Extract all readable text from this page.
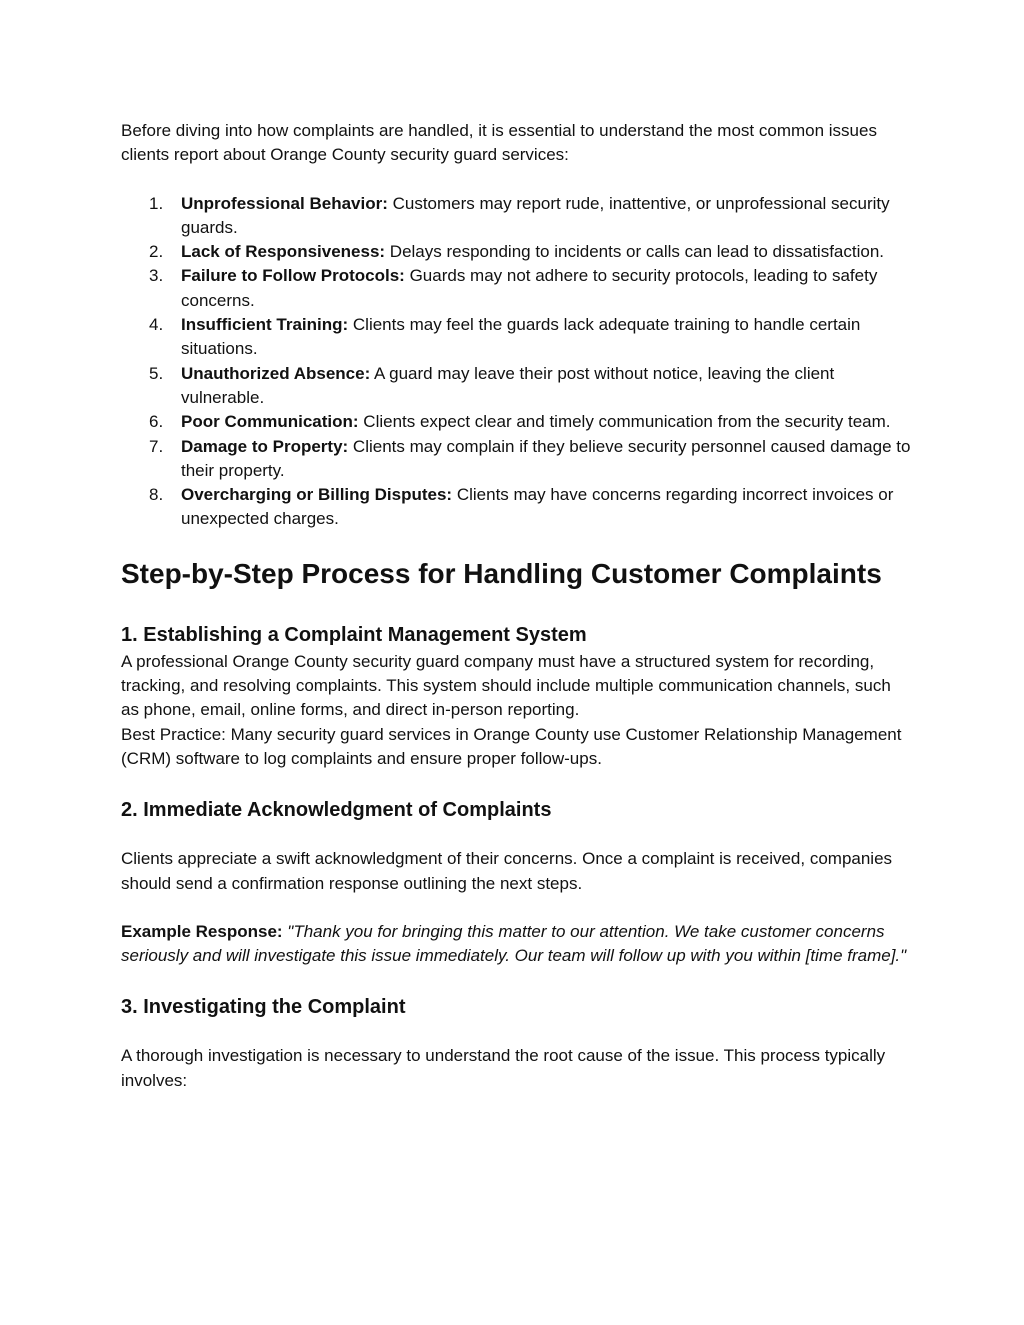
Before diving into how complaints are handled, it is essential to understand the most common issues clients report about Orange County security guard services:

1. Unprofessional Behavior: Customers may report rude, inattentive, or unprofessional security guards.
2. Lack of Responsiveness: Delays responding to incidents or calls can lead to dissatisfaction.
3. Failure to Follow Protocols: Guards may not adhere to security protocols, leading to safety concerns.
4. Insufficient Training: Clients may feel the guards lack adequate training to handle certain situations.
5. Unauthorized Absence: A guard may leave their post without notice, leaving the client vulnerable.
6. Poor Communication: Clients expect clear and timely communication from the security team.
7. Damage to Property: Clients may complain if they believe security personnel caused damage to their property.
8. Overcharging or Billing Disputes: Clients may have concerns regarding incorrect invoices or unexpected charges.
Step-by-Step Process for Handling Customer Complaints
1. Establishing a Complaint Management System

A professional Orange County security guard company must have a structured system for recording, tracking, and resolving complaints. This system should include multiple communication channels, such as phone, email, online forms, and direct in-person reporting.

Best Practice: Many security guard services in Orange County use Customer Relationship Management (CRM) software to log complaints and ensure proper follow-ups.

2. Immediate Acknowledgment of Complaints

Clients appreciate a swift acknowledgment of their concerns. Once a complaint is received, companies should send a confirmation response outlining the next steps.

Example Response: "Thank you for bringing this matter to our attention. We take customer concerns seriously and will investigate this issue immediately. Our team will follow up with you within [time frame]."

3. Investigating the Complaint

A thorough investigation is necessary to understand the root cause of the issue. This process typically involves:
